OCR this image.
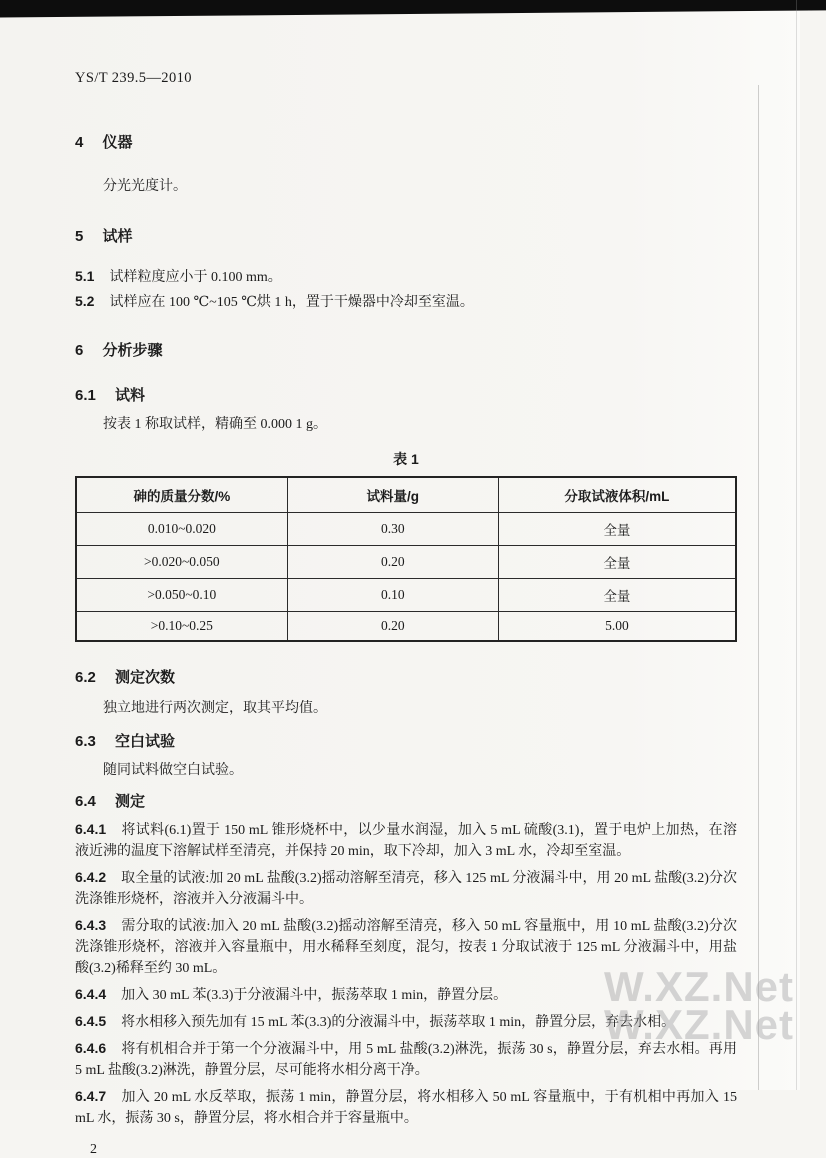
W.XZ.Net
W.XZ.Net
YS/T 239.5—2010
4 仪器

分光光度计。

5 试样

5.1 试样粒度应小于 0.100 mm。

5.2 试样应在 100 ℃~105 ℃烘 1 h，置于干燥器中冷却至室温。

6 分析步骤
6.1 试料

按表 1 称取试样，精确至 0.000 1 g。

表 1
砷的质量分数/%	试料量/g	分取试液体积/mL
0.010~0.020	0.30	全量
>0.020~0.050	0.20	全量
>0.050~0.10	0.10	全量
>0.10~0.25	0.20	5.00
6.2 测定次数

独立地进行两次测定，取其平均值。

6.3 空白试验

随同试料做空白试验。

6.4 测定

6.4.1 将试料(6.1)置于 150 mL 锥形烧杯中，以少量水润湿，加入 5 mL 硫酸(3.1)，置于电炉上加热，在溶液近沸的温度下溶解试样至清亮，并保持 20 min，取下冷却，加入 3 mL 水，冷却至室温。

6.4.2 取全量的试液:加 20 mL 盐酸(3.2)摇动溶解至清亮，移入 125 mL 分液漏斗中，用 20 mL 盐酸(3.2)分次洗涤锥形烧杯，溶液并入分液漏斗中。

6.4.3 需分取的试液:加入 20 mL 盐酸(3.2)摇动溶解至清亮，移入 50 mL 容量瓶中，用 10 mL 盐酸(3.2)分次洗涤锥形烧杯，溶液并入容量瓶中，用水稀释至刻度，混匀，按表 1 分取试液于 125 mL 分液漏斗中，用盐酸(3.2)稀释至约 30 mL。

6.4.4 加入 30 mL 苯(3.3)于分液漏斗中，振荡萃取 1 min，静置分层。

6.4.5 将水相移入预先加有 15 mL 苯(3.3)的分液漏斗中，振荡萃取 1 min，静置分层，弃去水相。

6.4.6 将有机相合并于第一个分液漏斗中，用 5 mL 盐酸(3.2)淋洗，振荡 30 s，静置分层，弃去水相。再用 5 mL 盐酸(3.2)淋洗，静置分层，尽可能将水相分离干净。

6.4.7 加入 20 mL 水反萃取，振荡 1 min，静置分层，将水相移入 50 mL 容量瓶中，于有机相中再加入 15 mL 水，振荡 30 s，静置分层，将水相合并于容量瓶中。

2
